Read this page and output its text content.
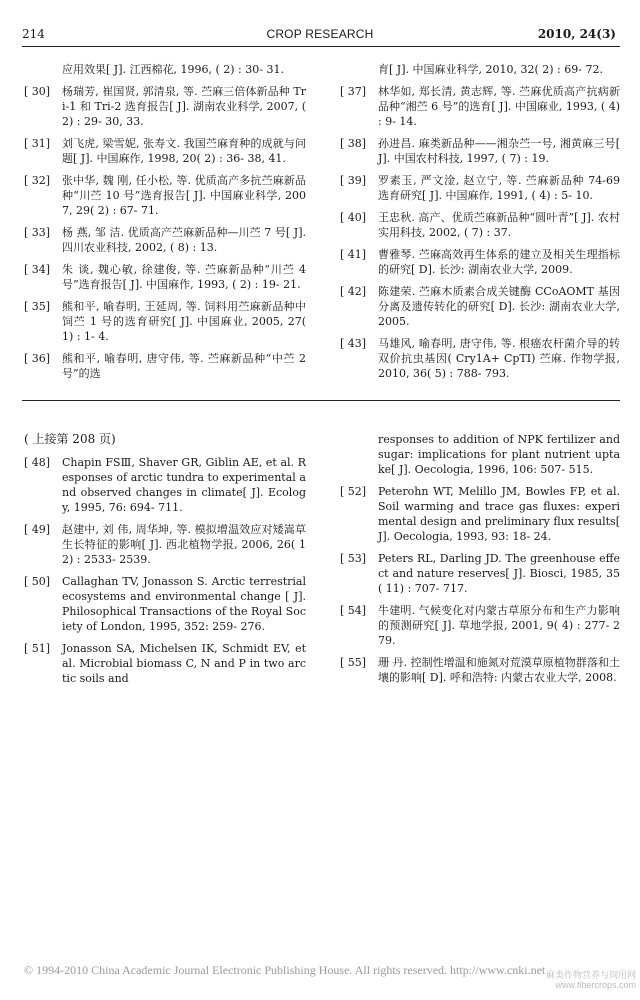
214	CROP RESEARCH	2010, 24(3)
应用效果[ J]. 江西棉花, 1996, ( 2) : 30- 31.
[ 30]	杨瑞芳, 崔国贤, 郭清泉, 等. 苎麻三倍体新品种 Tri-1 和 Tri-2 选育报告[ J]. 湖南农业科学, 2007, ( 2) : 29- 30, 33.
[ 31]	刘飞虎, 梁雪妮, 张寿文. 我国苎麻育种的成就与问题[ J]. 中国麻作, 1998, 20( 2) : 36- 38, 41.
[ 32]	张中华, 魏 刚, 任小松, 等. 优质高产多抗苎麻新品种“川苎 10 号”选育报告[ J]. 中国麻业科学, 2007, 29( 2) : 67- 71.
[ 33]	杨 燕, 邹 洁. 优质高产苎麻新品种—川苎 7 号[ J]. 四川农业科技, 2002, ( 8) : 13.
[ 34]	朱 谈, 魏心敏, 徐建俊, 等. 苎麻新品种“川苎 4 号”选育报告[ J]. 中国麻作, 1993, ( 2) : 19- 21.
[ 35]	熊和平, 喻春明, 王延周, 等. 饲料用苎麻新品种中饲苎 1 号的选育研究[ J]. 中国麻业, 2005, 27( 1) : 1- 4.
[ 36]	熊和平, 喻春明, 唐守伟, 等. 苎麻新品种“中苎 2 号”的选
育[ J]. 中国麻业科学, 2010, 32( 2) : 69- 72.
[ 37]	林华如, 郑长清, 黄志辉, 等. 苎麻优质高产抗病新品种“湘苎 6 号”的选育[ J]. 中国麻业, 1993, ( 4) : 9- 14.
[ 38]	孙进昌. 麻类新品种——湘杂苎一号, 湘黄麻三号[ J]. 中国农村科技, 1997, ( 7) : 19.
[ 39]	罗素玉, 严文淦, 赵立宁, 等. 苎麻新品种 74-69 选育研究[ J]. 中国麻作, 1991, ( 4) : 5- 10.
[ 40]	王忠秋. 高产、优质苎麻新品种“圆叶青”[ J]. 农村实用科技, 2002, ( 7) : 37.
[ 41]	曹雅琴. 苎麻高效再生体系的建立及相关生理指标的研究[ D]. 长沙: 湖南农业大学, 2009.
[ 42]	陈建荣. 苎麻木质素合成关键酶 CCoAOMT 基因分离及遗传转化的研究[ D]. 长沙: 湖南农业大学, 2005.
[ 43]	马雄风, 喻春明, 唐守伟, 等. 根癌农杆菌介导的转双价抗虫基因( Cry1A+ CpTI) 苎麻. 作物学报, 2010, 36( 5) : 788- 793.
( 上接第 208 页)
[ 48]	Chapin FSⅢ, Shaver GR, Giblin AE, et al. Responses of arctic tundra to experimental and observed changes in climate[ J]. Ecology, 1995, 76: 694- 711.
[ 49]	赵建中, 刘 伟, 周华坤, 等. 模拟增温效应对矮嵩草生长特征的影响[ J]. 西北植物学报, 2006, 26( 12) : 2533- 2539.
[ 50]	Callaghan TV, Jonasson S. Arctic terrestrial ecosystems and environmental change [ J]. Philosophical Transactions of the Royal Society of London, 1995, 352: 259- 276.
[ 51]	Jonasson SA, Michelsen IK, Schmidt EV, et al. Microbial biomass C, N and P in two arctic soils and
responses to addition of NPK fertilizer and sugar: implications for plant nutrient uptake[ J]. Oecologia, 1996, 106: 507- 515.
[ 52]	Peterohn WT, Melillo JM, Bowles FP, et al. Soil warming and trace gas fluxes: experimental design and preliminary flux results[ J]. Oecologia, 1993, 93: 18- 24.
[ 53]	Peters RL, Darling JD. The greenhouse effect and nature reserves[ J]. Biosci, 1985, 35( 11) : 707- 717.
[ 54]	牛建明. 气候变化对内蒙古草原分布和生产力影响的预测研究[ J]. 草地学报, 2001, 9( 4) : 277- 279.
[ 55]	珊 丹. 控制性增温和施氮对荒漠草原植物群落和土壤的影响[ D]. 呼和浩特: 内蒙古农业大学, 2008.
© 1994-2010 China Academic Journal Electronic Publishing House. All rights reserved. http://www.cnki.net 麻类作物营养与饲用网
www.fibercrops.com
